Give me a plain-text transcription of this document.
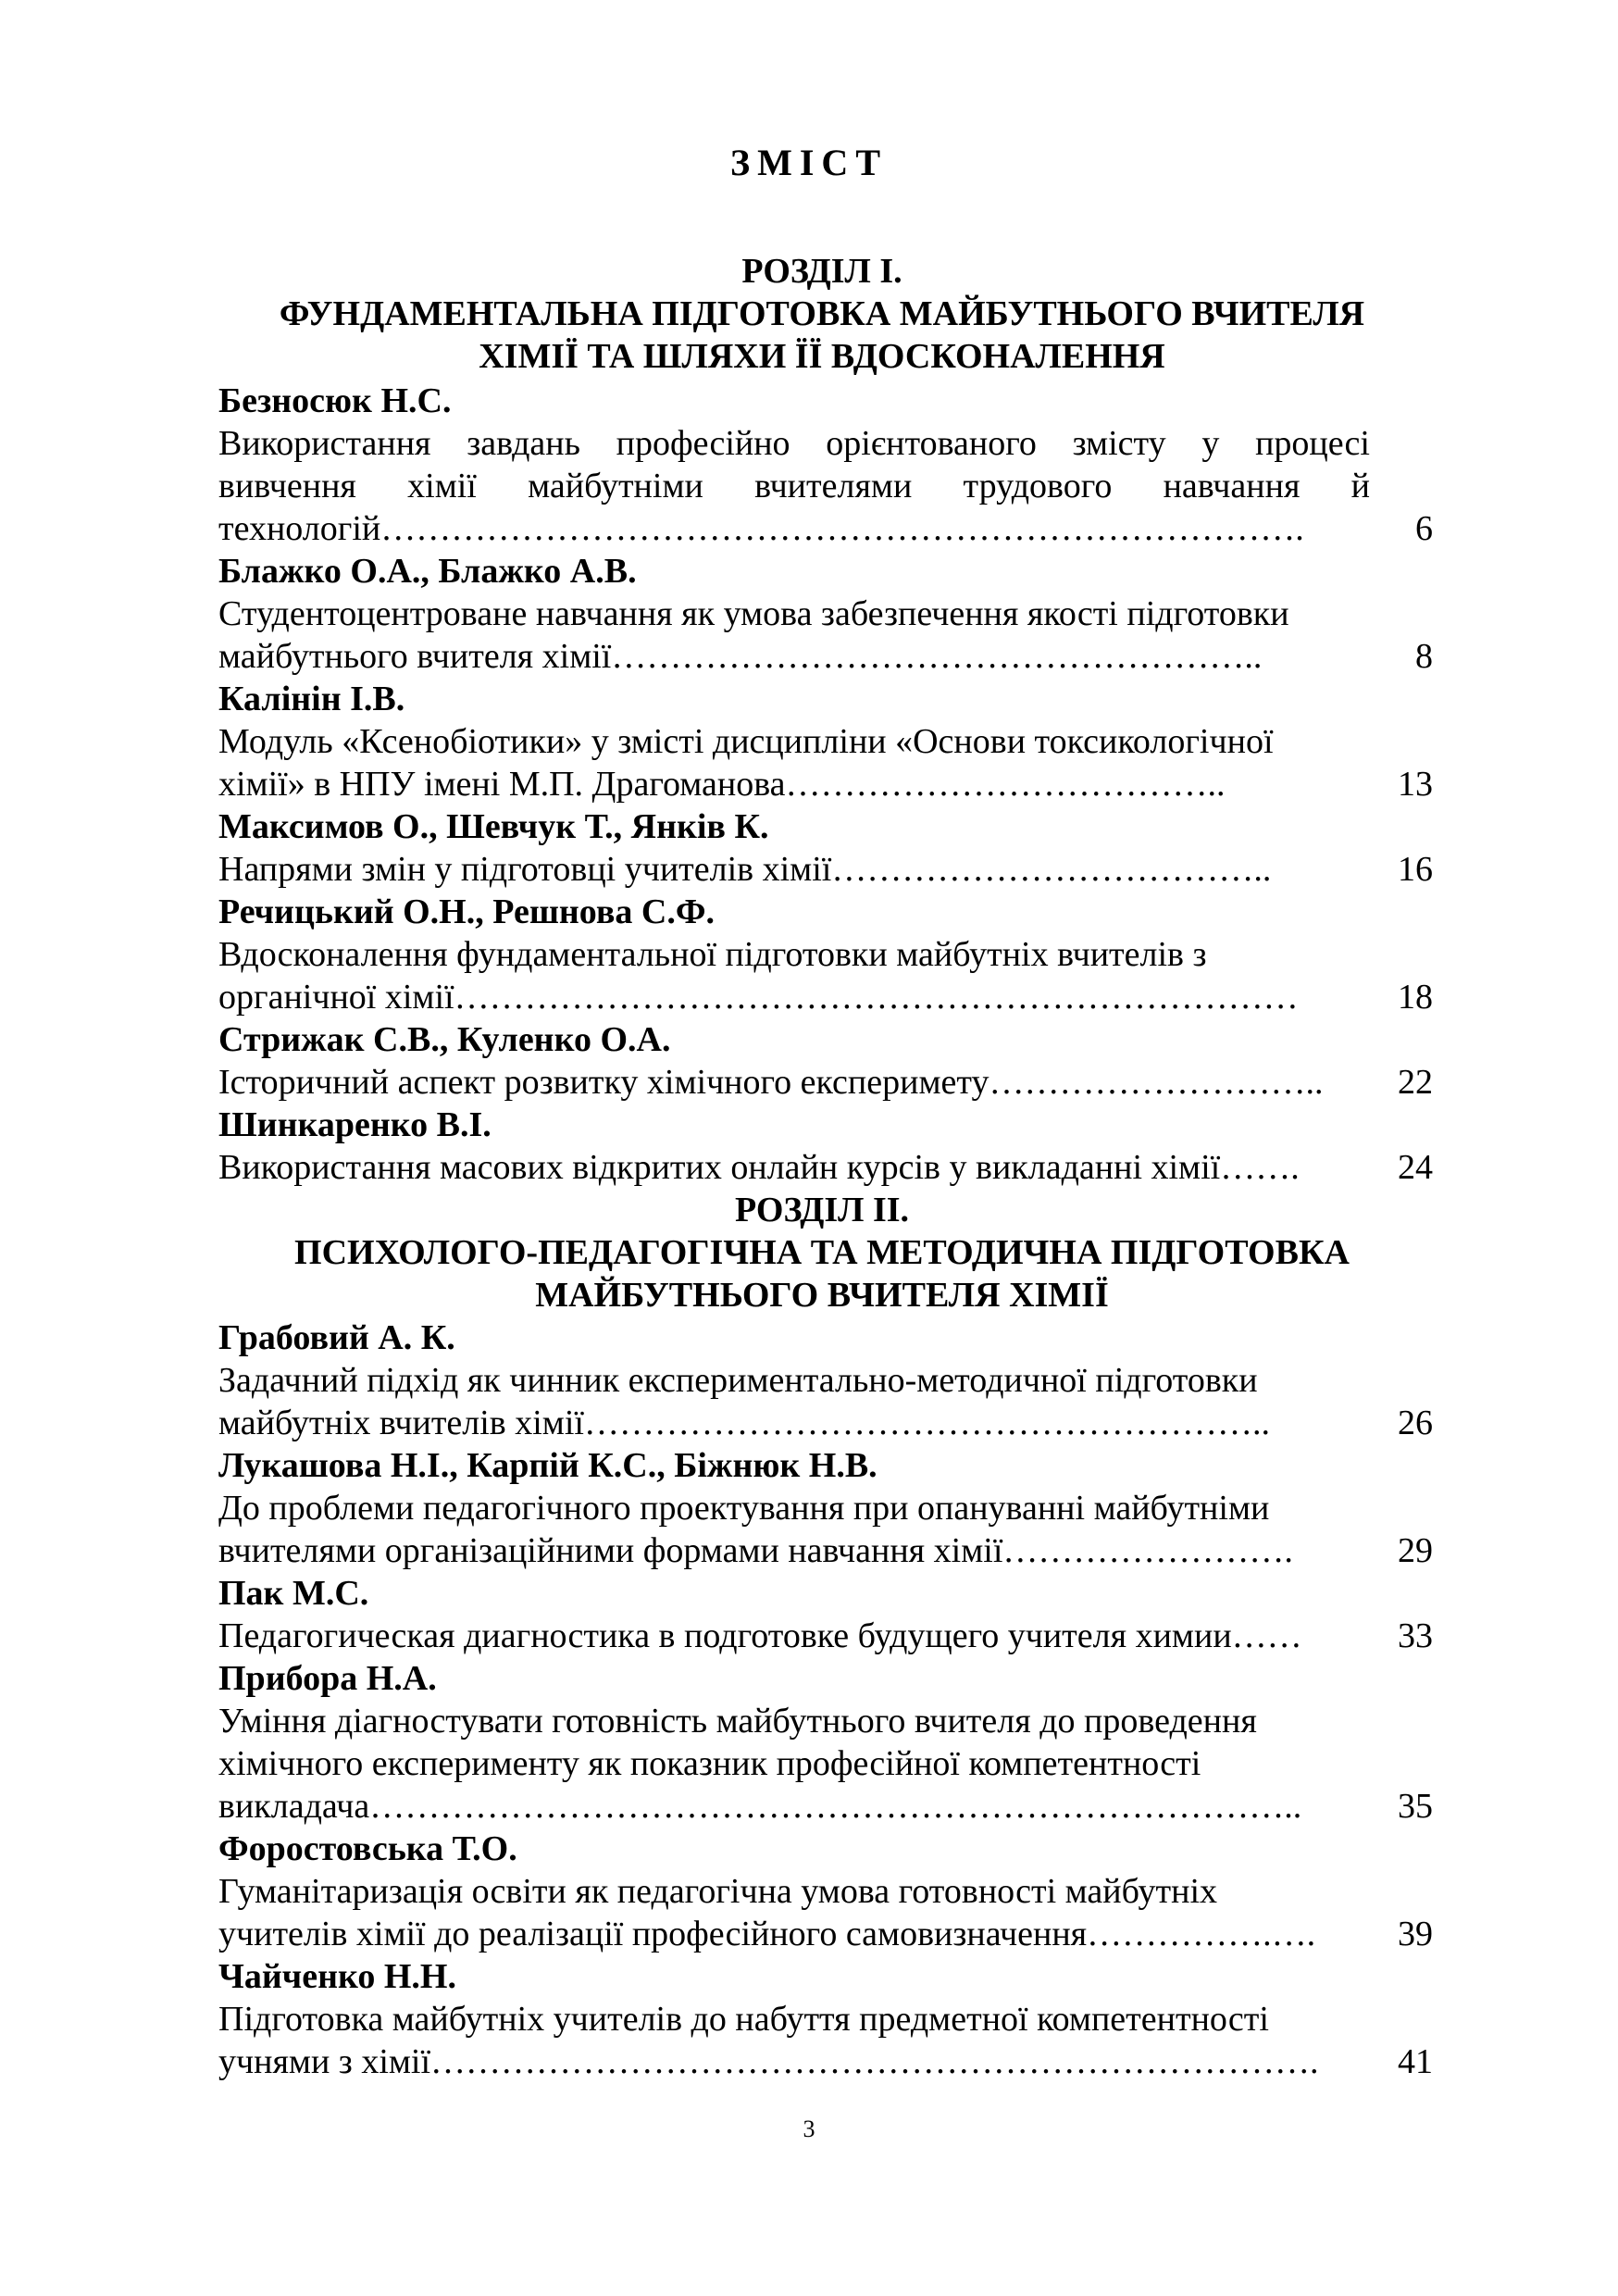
ЗМІСТ
РОЗДІЛ І.
ФУНДАМЕНТАЛЬНА ПІДГОТОВКА МАЙБУТНЬОГО ВЧИТЕЛЯ
ХІМІЇ ТА ШЛЯХИ ЇЇ ВДОСКОНАЛЕННЯ
Безносюк Н.С.
Використання завдань професійно орієнтованого змісту у процесі
вивчення хімії майбутніми вчителями трудового навчання й
технологій…………………………………………………………………….	6
Блажко О.А., Блажко А.В.
Студентоцентроване навчання як умова забезпечення якості підготовки
майбутнього вчителя хімії………………………………………………..	8
Калінін І.В.
Модуль «Ксенобіотики» у змісті дисципліни «Основи токсикологічної
хімії» в НПУ імені М.П. Драгоманова………………………………..	13
Максимов О., Шевчук Т., Янків К.
Напрями змін у підготовці учителів хімії………………………………..	16
Речицький О.Н., Решнова С.Ф.
Вдосконалення фундаментальної підготовки майбутніх вчителів з
органічної хімії………………………………………………………………	18
Стрижак С.В., Куленко О.А.
Історичний аспект розвитку хімічного експеримету………………………..	22
Шинкаренко В.І.
Використання масових відкритих онлайн курсів у викладанні хімії…….	24
РОЗДІЛ ІІ.
ПСИХОЛОГО-ПЕДАГОГІЧНА ТА МЕТОДИЧНА ПІДГОТОВКА
МАЙБУТНЬОГО ВЧИТЕЛЯ ХІМІЇ
Грабовий А. К.
Задачний підхід як чинник експериментально-методичної підготовки
майбутніх вчителів хімії…………………………………………………..	26
Лукашова Н.І., Карпій К.С., Біжнюк Н.В.
До проблеми педагогічного проектування при опануванні майбутніми
вчителями організаційними формами навчання хімії…………………….	29
Пак М.С.
Педагогическая диагностика в подготовке будущего учителя химии……	33
Прибора Н.А.
Уміння діагностувати готовність майбутнього вчителя до проведення
хімічного експерименту як показник професійної компетентності
викладача……………………………………………………………………..	35
Форостовська Т.О.
Гуманітаризація освіти як педагогічна умова готовності майбутніх
учителів хімії до реалізації професійного самовизначення…………….….	39
Чайченко Н.Н.
Підготовка майбутніх учителів до набуття предметної компетентності
учнями з хімії………………………………………………………………….	41
3
